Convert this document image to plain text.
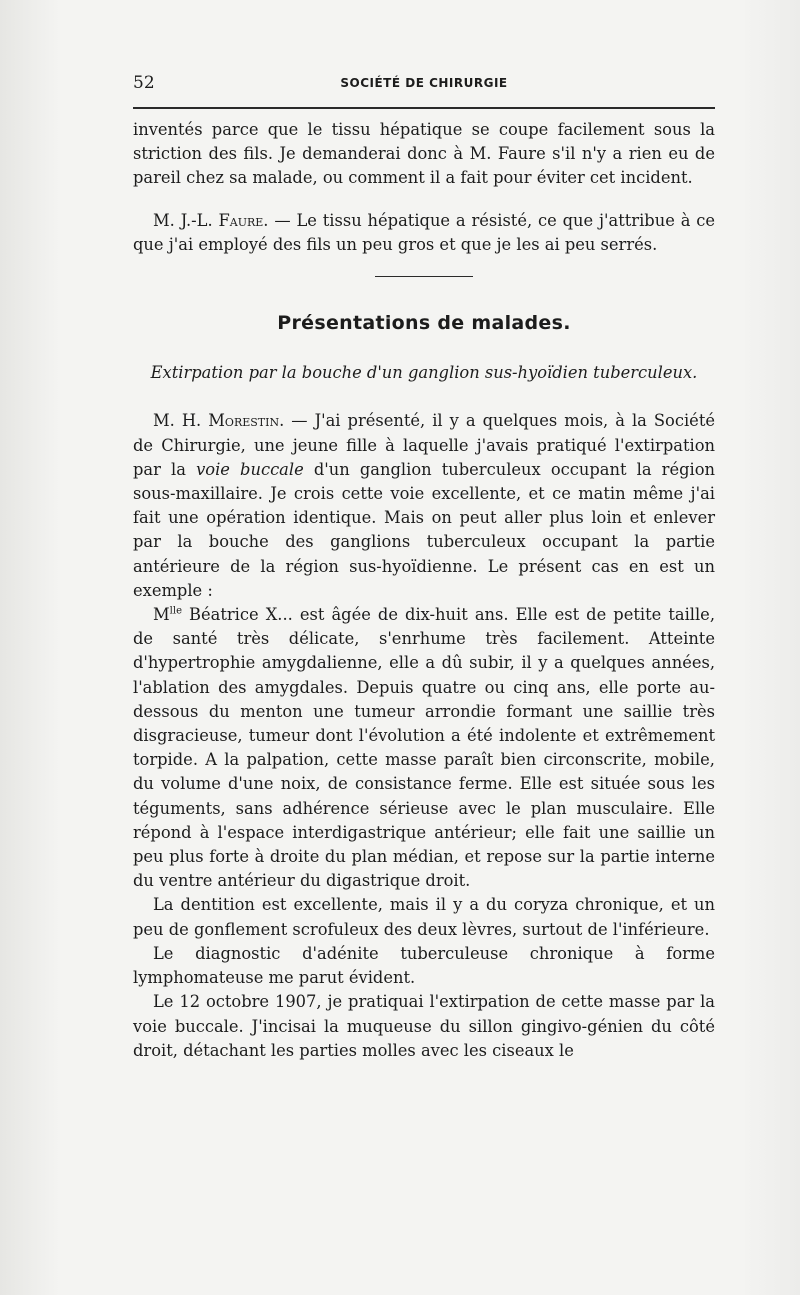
52	SOCIÉTÉ DE CHIRURGIE

inventés parce que le tissu hépatique se coupe facilement sous la striction des fils. Je demanderai donc à M. Faure s'il n'y a rien eu de pareil chez sa malade, ou comment il a fait pour éviter cet incident.

M. J.-L. Faure. — Le tissu hépatique a résisté, ce que j'attribue à ce que j'ai employé des fils un peu gros et que je les ai peu serrés.

Présentations de malades.

Extirpation par la bouche d'un ganglion sus-hyoïdien tuberculeux.

M. H. Morestin. — J'ai présenté, il y a quelques mois, à la Société de Chirurgie, une jeune fille à laquelle j'avais pratiqué l'extirpation par la voie buccale d'un ganglion tuberculeux occupant la région sous-maxillaire. Je crois cette voie excellente, et ce matin même j'ai fait une opération identique. Mais on peut aller plus loin et enlever par la bouche des ganglions tuberculeux occupant la partie antérieure de la région sus-hyoïdienne. Le présent cas en est un exemple :

$M^{lle}$ Béatrice X... est âgée de dix-huit ans. Elle est de petite taille, de santé très délicate, s'enrhume très facilement. Atteinte d'hypertrophie amygdalienne, elle a dû subir, il y a quelques années, l'ablation des amygdales. Depuis quatre ou cinq ans, elle porte au-dessous du menton une tumeur arrondie formant une saillie très disgracieuse, tumeur dont l'évolution a été indolente et extrêmement torpide. A la palpation, cette masse paraît bien circonscrite, mobile, du volume d'une noix, de consistance ferme. Elle est située sous les téguments, sans adhérence sérieuse avec le plan musculaire. Elle répond à l'espace interdigastrique antérieur; elle fait une saillie un peu plus forte à droite du plan médian, et repose sur la partie interne du ventre antérieur du digastrique droit.

La dentition est excellente, mais il y a du coryza chronique, et un peu de gonflement scrofuleux des deux lèvres, surtout de l'inférieure.

Le diagnostic d'adénite tuberculeuse chronique à forme lymphomateuse me parut évident.

Le 12 octobre 1907, je pratiquai l'extirpation de cette masse par la voie buccale. J'incisai la muqueuse du sillon gingivo-génien du côté droit, détachant les parties molles avec les ciseaux le
